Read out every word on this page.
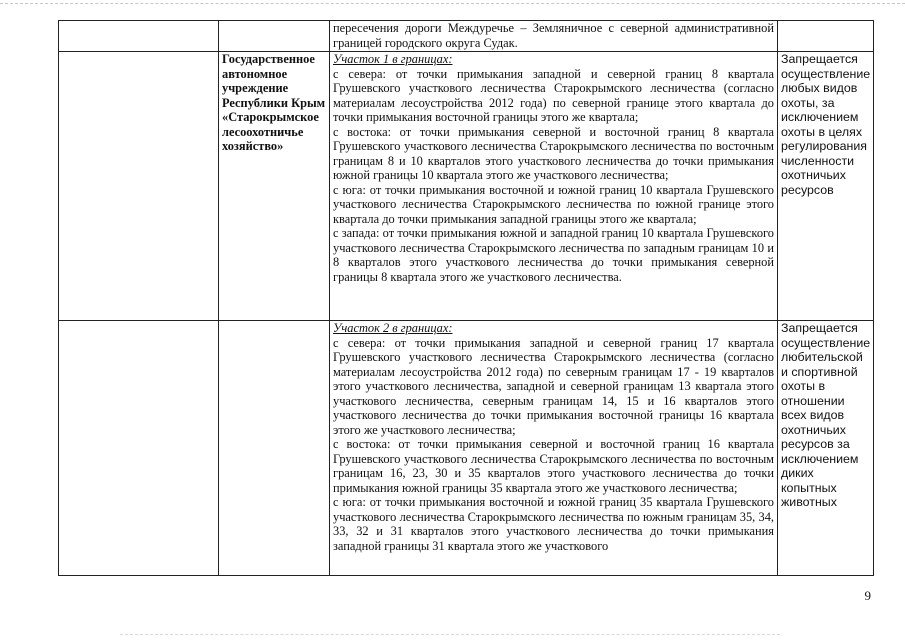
		пересечения дороги Междуречье – Земляничное с северной административной границей городского округа Судак.	

	Государственное автономное учреждение Республики Крым «Старокрымское лесоохотничье хозяйство»	Участок 1 в границах:

с севера: от точки примыкания западной и северной границ 8 квартала Грушевского участкового лесничества Старокрымского лесничества (согласно материалам лесоустройства 2012 года) по северной границе этого квартала до точки примыкания восточной границы этого же квартала;

с востока: от точки примыкания северной и восточной границ 8 квартала Грушевского участкового лесничества Старокрымского лесничества по восточным границам 8 и 10 кварталов этого участкового лесничества до точки примыкания южной границы 10 квартала этого же участкового лесничества;

с юга: от точки примыкания восточной и южной границ 10 квартала Грушевского участкового лесничества Старокрымского лесничества по южной границе этого квартала до точки примыкания западной границы этого же квартала;

с запада: от точки примыкания южной и западной границ 10 квартала Грушевского участкового лесничества Старокрымского лесничества по западным границам 10 и 8 кварталов этого участкового лесничества до точки примыкания северной границы 8 квартала этого же участкового лесничества.	Запрещается осуществление любых видов охоты, за исключением охоты в целях регулирования численности охотничьих ресурсов

		Участок 2 в границах:

с севера: от точки примыкания западной и северной границ 17 квартала Грушевского участкового лесничества Старокрымского лесничества (согласно материалам лесоустройства 2012 года) по северным границам 17 - 19 кварталов этого участкового лесничества, западной и северной границам 13 квартала этого участкового лесничества, северным границам 14, 15 и 16 кварталов этого участкового лесничества до точки примыкания восточной границы 16 квартала этого же участкового лесничества;

с востока: от точки примыкания северной и восточной границ 16 квартала Грушевского участкового лесничества Старокрымского лесничества по восточным границам 16, 23, 30 и 35 кварталов этого участкового лесничества до точки примыкания южной границы 35 квартала этого же участкового лесничества;

с юга: от точки примыкания восточной и южной границ 35 квартала Грушевского участкового лесничества Старокрымского лесничества по южным границам 35, 34, 33, 32 и 31 кварталов этого участкового лесничества до точки примыкания западной границы 31 квартала этого же участкового	Запрещается осуществление любительской и спортивной охоты в отношении всех видов охотничьих ресурсов за исключением диких копытных животных
9
